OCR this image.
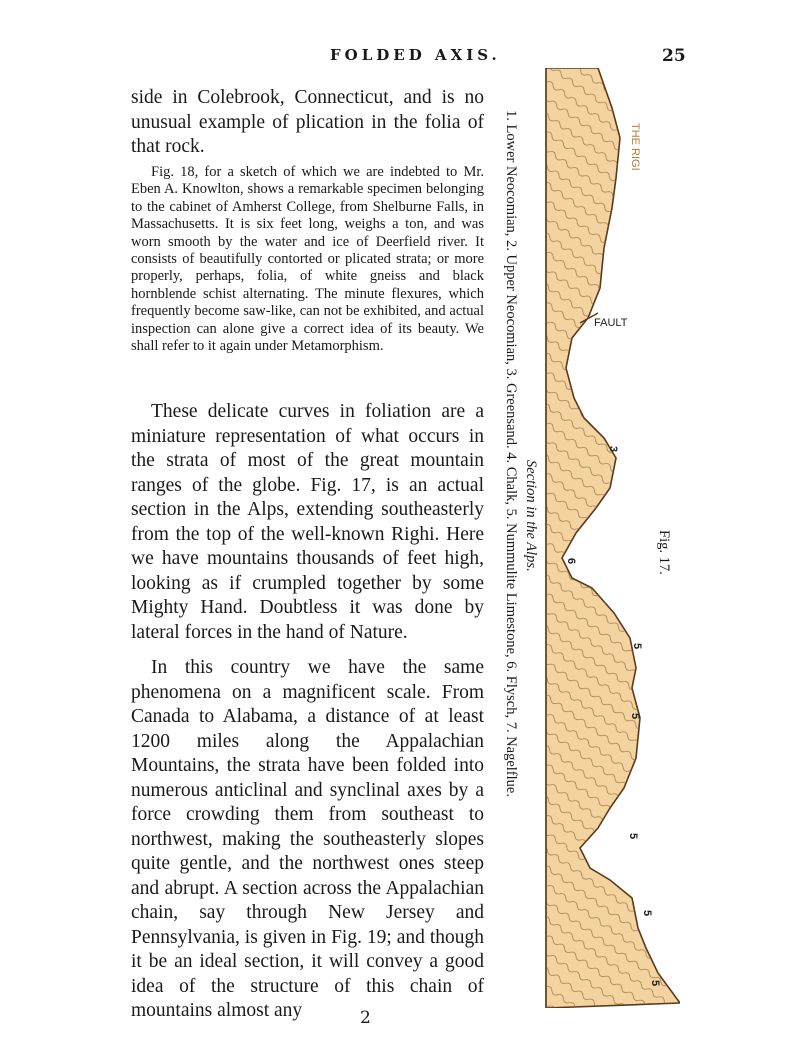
FOLDED AXIS.	25

side in Colebrook, Connecticut, and is no unusual example of plication in the folia of that rock.

Fig. 18, for a sketch of which we are indebted to Mr. Eben A. Knowlton, shows a remarkable specimen belonging to the cabinet of Amherst College, from Shelburne Falls, in Massachusetts. It is six feet long, weighs a ton, and was worn smooth by the water and ice of Deerfield river. It consists of beautifully contorted or plicated strata; or more properly, perhaps, folia, of white gneiss and black hornblende schist alternating. The minute flexures, which frequently become saw-like, can not be exhibited, and actual inspection can alone give a correct idea of its beauty. We shall refer to it again under Metamorphism.

These delicate curves in foliation are a miniature representation of what occurs in the strata of most of the great mountain ranges of the globe. Fig. 17, is an actual section in the Alps, extending southeasterly from the top of the well-known Righi. Here we have mountains thousands of feet high, looking as if crumpled together by some Mighty Hand. Doubtless it was done by lateral forces in the hand of Nature.

In this country we have the same phenomena on a magnificent scale. From Canada to Alabama, a distance of at least 1200 miles along the Appalachian Mountains, the strata have been folded into numerous anticlinal and synclinal axes by a force crowding them from southeast to northwest, making the southeasterly slopes quite gentle, and the northwest ones steep and abrupt. A section across the Appalachian chain, say through New Jersey and Pennsylvania, is given in Fig. 19; and though it be an ideal section, it will convey a good idea of the structure of this chain of mountains almost any	2
1. Lower Neocomian, 2. Upper Neocomian, 3. Greensand. 4. Chalk, 5. Nummulite Limestone, 6. Flysch, 7. Nagelflue. Section in the Alps.	Fig. 17.
THE RIGI
FAULT
3
6
5
5
5
5
5
